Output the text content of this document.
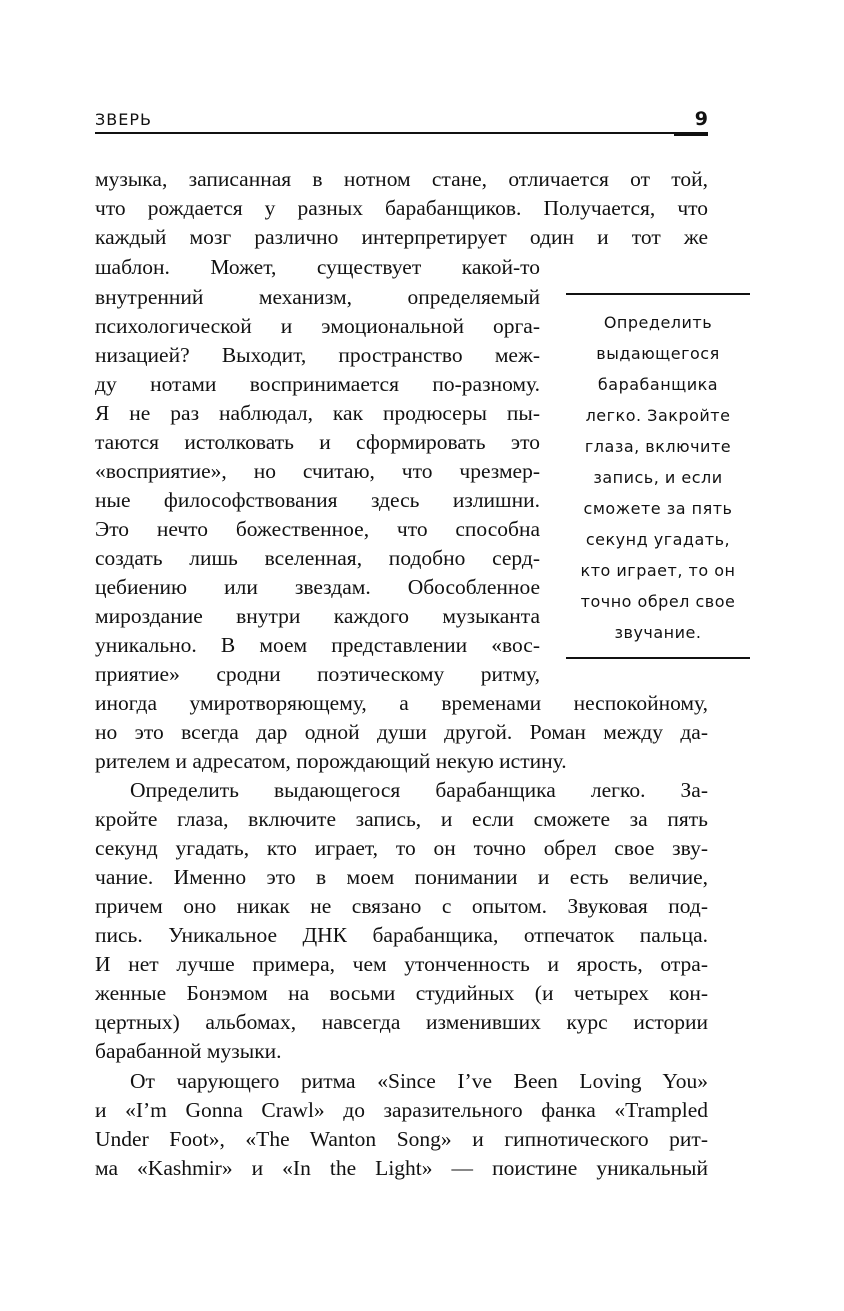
ЗВЕРЬ	9
музыка, записанная в нотном стане, отличается от той,
что рождается у разных барабанщиков. Получается, что
каждый мозг различно интерпретирует один и тот же
шаблон. Может, существует какой-то
внутренний механизм, определяемый
психологической и эмоциональной орга-
низацией? Выходит, пространство меж-
ду нотами воспринимается по-разному.
Я не раз наблюдал, как продюсеры пы-
таются истолковать и сформировать это
«восприятие», но считаю, что чрезмер-
ные философствования здесь излишни.
Это нечто божественное, что способна
создать лишь вселенная, подобно серд-
цебиению или звездам. Обособленное
мироздание внутри каждого музыканта
уникально. В моем представлении «вос-
приятие» сродни поэтическому ритму,
иногда умиротворяющему, а временами неспокойному,
но это всегда дар одной души другой. Роман между да-
рителем и адресатом, порождающий некую истину.
Определить выдающегося барабанщика легко. За-
кройте глаза, включите запись, и если сможете за пять
секунд угадать, кто играет, то он точно обрел свое зву-
чание. Именно это в моем понимании и есть величие,
причем оно никак не связано с опытом. Звуковая под-
пись. Уникальное ДНК барабанщика, отпечаток пальца.
И нет лучше примера, чем утонченность и ярость, отра-
женные Бонэмом на восьми студийных (и четырех кон-
цертных) альбомах, навсегда изменивших курс истории
барабанной музыки.
От чарующего ритма «Since I’ve Been Loving You»
и «I’m Gonna Crawl» до заразительного фанка «Trampled
Under Foot», «The Wanton Song» и гипнотического рит-
ма «Kashmir» и «In the Light» — поистине уникальный
Определить
выдающегося
барабанщика
легко. Закройте
глаза, включите
запись, и если
сможете за пять
секунд угадать,
кто играет, то он
точно обрел свое
звучание.
